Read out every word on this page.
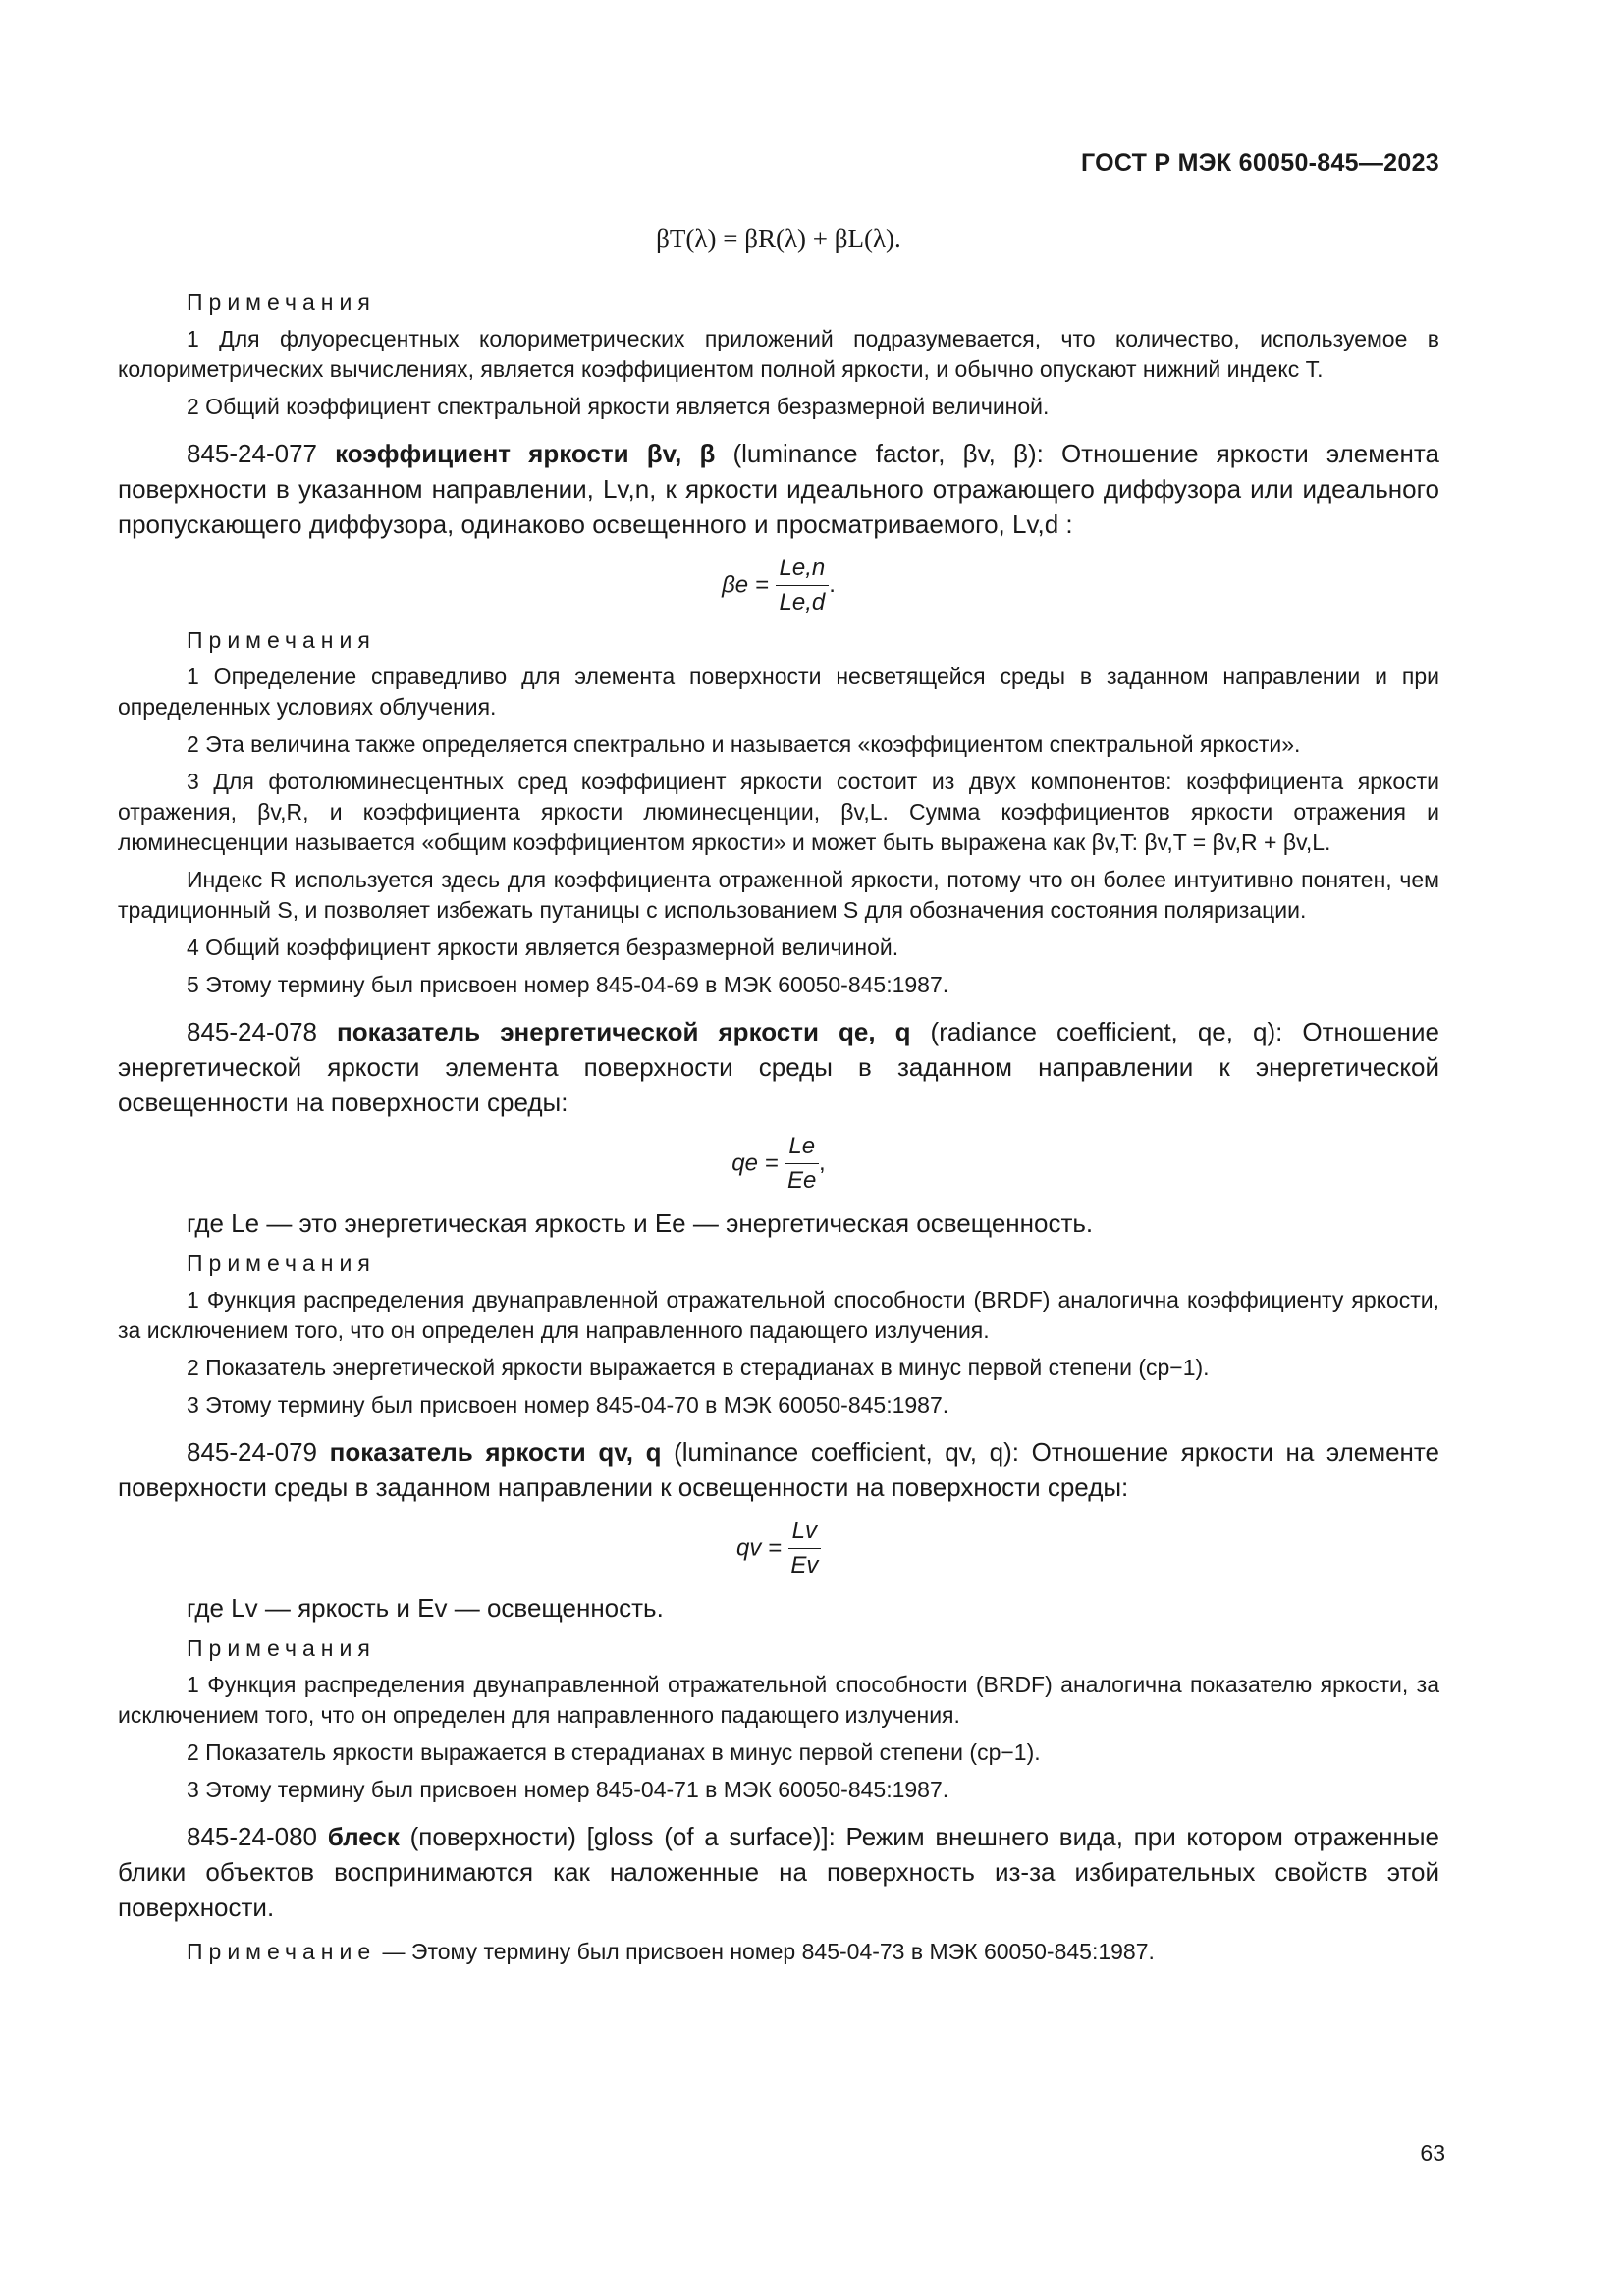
ГОСТ Р МЭК 60050-845—2023
βT(λ) = βR(λ) + βL(λ).
Примечания

1 Для флуоресцентных колориметрических приложений подразумевается, что количество, используемое в колориметрических вычислениях, является коэффициентом полной яркости, и обычно опускают нижний индекс T.

2 Общий коэффициент спектральной яркости является безразмерной величиной.

845-24-077 коэффициент яркости βv, β (luminance factor, βv, β): Отношение яркости элемента поверхности в указанном направлении, Lv,n, к яркости идеального отражающего диффузора или идеального пропускающего диффузора, одинаково освещенного и просматриваемого, Lv,d :

$\beta e = \frac{Le,n}{Le,d}$ .
Примечания

1 Определение справедливо для элемента поверхности несветящейся среды в заданном направлении и при определенных условиях облучения.

2 Эта величина также определяется спектрально и называется «коэффициентом спектральной яркости».

3 Для фотолюминесцентных сред коэффициент яркости состоит из двух компонентов: коэффициента яркости отражения, βv,R, и коэффициента яркости люминесценции, βv,L. Сумма коэффициентов яркости отражения и люминесценции называется «общим коэффициентом яркости» и может быть выражена как βv,T: βv,T = βv,R + βv,L.

Индекс R используется здесь для коэффициента отраженной яркости, потому что он более интуитивно понятен, чем традиционный S, и позволяет избежать путаницы с использованием S для обозначения состояния поляризации.

4 Общий коэффициент яркости является безразмерной величиной.

5 Этому термину был присвоен номер 845-04-69 в МЭК 60050-845:1987.

845-24-078 показатель энергетической яркости qe, q (radiance coefficient, qe, q): Отношение энергетической яркости элемента поверхности среды в заданном направлении к энергетической освещенности на поверхности среды:

qe = $\frac{Le}{Ee}$ ,

где Le — это энергетическая яркость и Ee — энергетическая освещенность.

Примечания

1 Функция распределения двунаправленной отражательной способности (BRDF) аналогична коэффициенту яркости, за исключением того, что он определен для направленного падающего излучения.

2 Показатель энергетической яркости выражается в стерадианах в минус первой степени (ср−1).

3 Этому термину был присвоен номер 845-04-70 в МЭК 60050-845:1987.

845-24-079 показатель яркости qv, q (luminance coefficient, qv, q): Отношение яркости на элементе поверхности среды в заданном направлении к освещенности на поверхности среды:

qv = $\frac{Lv}{Ev}$

где Lv — яркость и Ev — освещенность.

Примечания

1 Функция распределения двунаправленной отражательной способности (BRDF) аналогична показателю яркости, за исключением того, что он определен для направленного падающего излучения.

2 Показатель яркости выражается в стерадианах в минус первой степени (ср−1).

3 Этому термину был присвоен номер 845-04-71 в МЭК 60050-845:1987.

845-24-080 блеск (поверхности) [gloss (of a surface)]: Режим внешнего вида, при котором отраженные блики объектов воспринимаются как наложенные на поверхность из-за избирательных свойств этой поверхности.

Примечание — Этому термину был присвоен номер 845-04-73 в МЭК 60050-845:1987.

63
